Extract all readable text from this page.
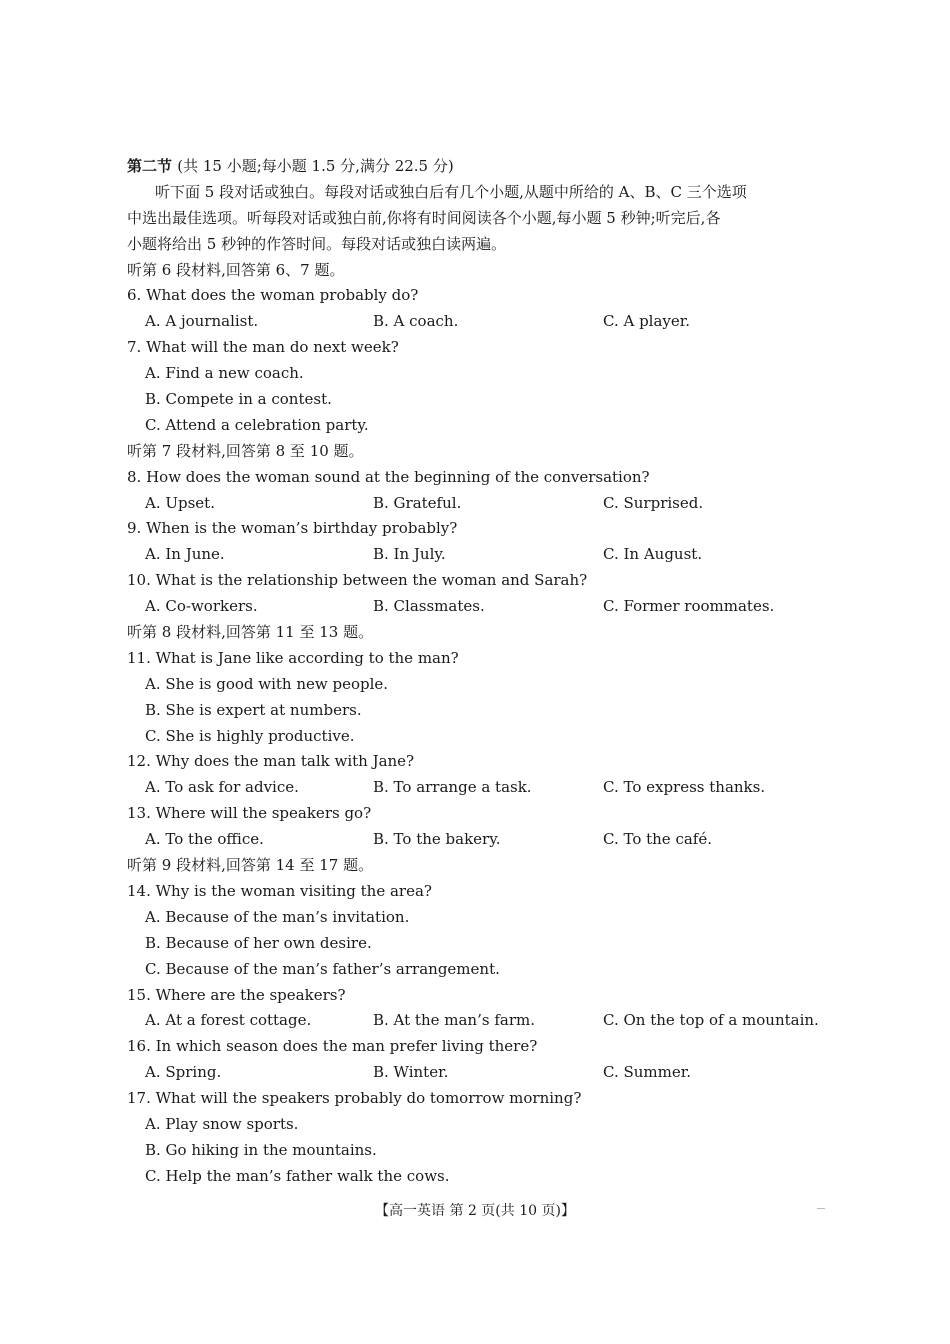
第二节 (共 15 小题;每小题 1.5 分,满分 22.5 分)
听下面 5 段对话或独白。每段对话或独白后有几个小题,从题中所给的 A、B、C 三个选项
中选出最佳选项。听每段对话或独白前,你将有时间阅读各个小题,每小题 5 秒钟;听完后,各
小题将给出 5 秒钟的作答时间。每段对话或独白读两遍。
听第 6 段材料,回答第 6、7 题。
6. What does the woman probably do?
A. A journalist.	B. A coach.	C. A player.
7. What will the man do next week?
A. Find a new coach.
B. Compete in a contest.
C. Attend a celebration party.
听第 7 段材料,回答第 8 至 10 题。
8. How does the woman sound at the beginning of the conversation?
A. Upset.	B. Grateful.	C. Surprised.
9. When is the woman’s birthday probably?
A. In June.	B. In July.	C. In August.
10. What is the relationship between the woman and Sarah?
A. Co-workers.	B. Classmates.	C. Former roommates.
听第 8 段材料,回答第 11 至 13 题。
11. What is Jane like according to the man?
A. She is good with new people.
B. She is expert at numbers.
C. She is highly productive.
12. Why does the man talk with Jane?
A. To ask for advice.	B. To arrange a task.	C. To express thanks.
13. Where will the speakers go?
A. To the office.	B. To the bakery.	C. To the café.
听第 9 段材料,回答第 14 至 17 题。
14. Why is the woman visiting the area?
A. Because of the man’s invitation.
B. Because of her own desire.
C. Because of the man’s father’s arrangement.
15. Where are the speakers?
A. At a forest cottage.	B. At the man’s farm.	C. On the top of a mountain.
16. In which season does the man prefer living there?
A. Spring.	B. Winter.	C. Summer.
17. What will the speakers probably do tomorrow morning?
A. Play snow sports.
B. Go hiking in the mountains.
C. Help the man’s father walk the cows.
【高一英语 第 2 页(共 10 页)】
